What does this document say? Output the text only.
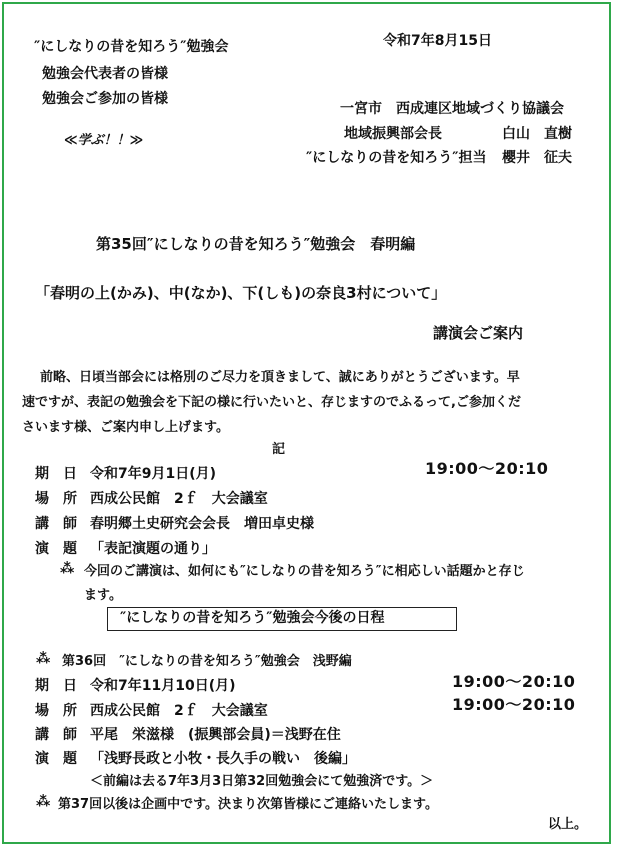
″にしなりの昔を知ろう″勉強会
勉強会代表者の皆様
勉強会ご参加の皆様
≪学ぶ！！≫
令和7年8月15日
一宮市　西成連区地域づくり協議会
地域振興部会長	白山　直樹
″にしなりの昔を知ろう″担当 櫻井　征夫
第35回″にしなりの昔を知ろう″勉強会　春明編
「春明の上(かみ)、中(なか)、下(しも)の奈良3村について」
講演会ご案内
前略、日頃当部会には格別のご尽力を頂きまして、誠にありがとうございます。早
速ですが、表記の勉強会を下記の様に行いたいと、存じますのでふるって,ご参加くだ
さいます様、ご案内申し上げます。
記
期　日 令和7年9月1日(月)	19:00～20:10
場　所 西成公民館　2ｆ　大会議室
講　師 春明郷土史研究会会長　増田卓史様
演　題 「表記演題の通り」
⁂ 今回のご講演は、如何にも″にしなりの昔を知ろう″に相応しい話題かと存じ
ます。
″にしなりの昔を知ろう″勉強会今後の日程
⁂ 第36回　″にしなりの昔を知ろう″勉強会　浅野編
期　日 令和7年11月10日(月)	19:00～20:10
場　所 西成公民館　2ｆ　大会議室	19:00～20:10
講　師 平尾　栄滋様　(振興部会員)＝浅野在住
演　題 「浅野長政と小牧・長久手の戦い　後編」
＜前編は去る7年3月3日第32回勉強会にて勉強済です。＞
⁂ 第37回以後は企画中です。決まり次第皆様にご連絡いたします。
以上。
